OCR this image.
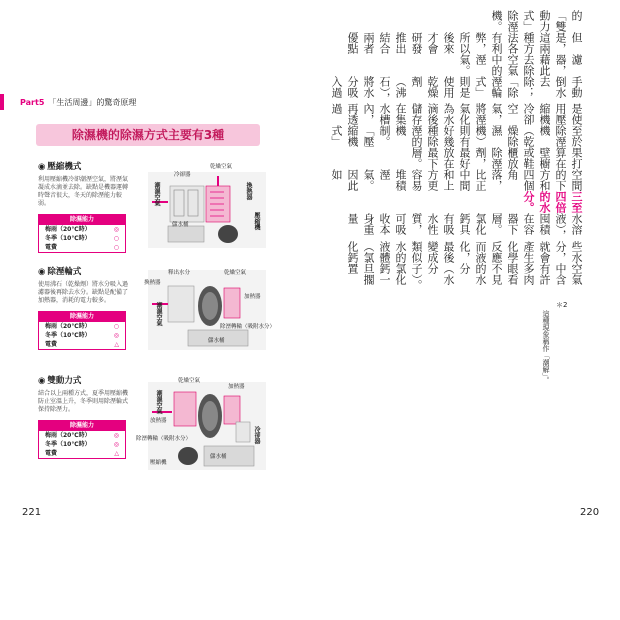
Part5 「生活周邊」的驚奇原理
除濕機的除濕方式主要有3種
◉ 壓縮機式
利用壓縮機冷卻潮溼空氣，將溼氣凝成水滴並去除。缺點是機器運轉時聲音很大，冬天的除溼能力較弱。
除濕能力
梅雨（20℃時）	◎
冬季（10℃時）	○
電費	○
乾燥空氣
冷卻器
換熱器
潮濕空氣
儲水桶	壓縮機
◉ 除溼輪式
使用沸石（乾燥劑）將水分吸入過濾器後再除去水分。缺點是配備了加熱器，消耗的電力較多。
除濕能力
梅雨（20℃時）	○
冬季（10℃時）	◎
電費	△
釋出水分	乾燥空氣
換熱器
潮濕空氣
加熱器
除溼轉輪（吸附水分）
儲水桶
◉ 雙動力式
結合以上兩種方式，夏季用壓縮機防止室溫上升，冬季則用除溼輪式保持除溼力。
除濕能力
梅雨（20℃時）	◎
冬季（10℃時）	◎
電費	△
乾燥空氣
加熱器
潮濕空氣
放熱器
除溼轉輪（吸附水分）	冷卻器
壓縮機
儲水桶
221	220
空氣中含有許多肉眼看不見的水分（水分子）。氯化鈣一旦擱置
些水分，就會產生化學反應而液化，最後變成類似水的液體（氯化鈣
水溶液），囤積在容器下層。氯化鈣具有吸水性質，可吸收本身重量
三至四倍的水分。
空間的下方和四個角落，比正中間和上方更容易堆積溼氣。因此如
果打算在壁櫥或鞋櫃放除溼劑，最好放在最下層。
至於除溼機（乾燥除濕機）則有好幾種除溼的機制。「壓縮機式」
是使用壓縮機冷卻空氣，將溼氣化為水滴後儲存在集水槽內，再透過
手動倒水去除；「除溼輪式」則是使用乾燥劑（沸石），將水分吸入過
濾器，藉此去除空氣中的溼氣。
但是，這兩種方法各有利弊，所以後來才會研發推出結合兩者優點
的「雙動力式」除溼機。
＊2
這種現象稱作「潮解」。
